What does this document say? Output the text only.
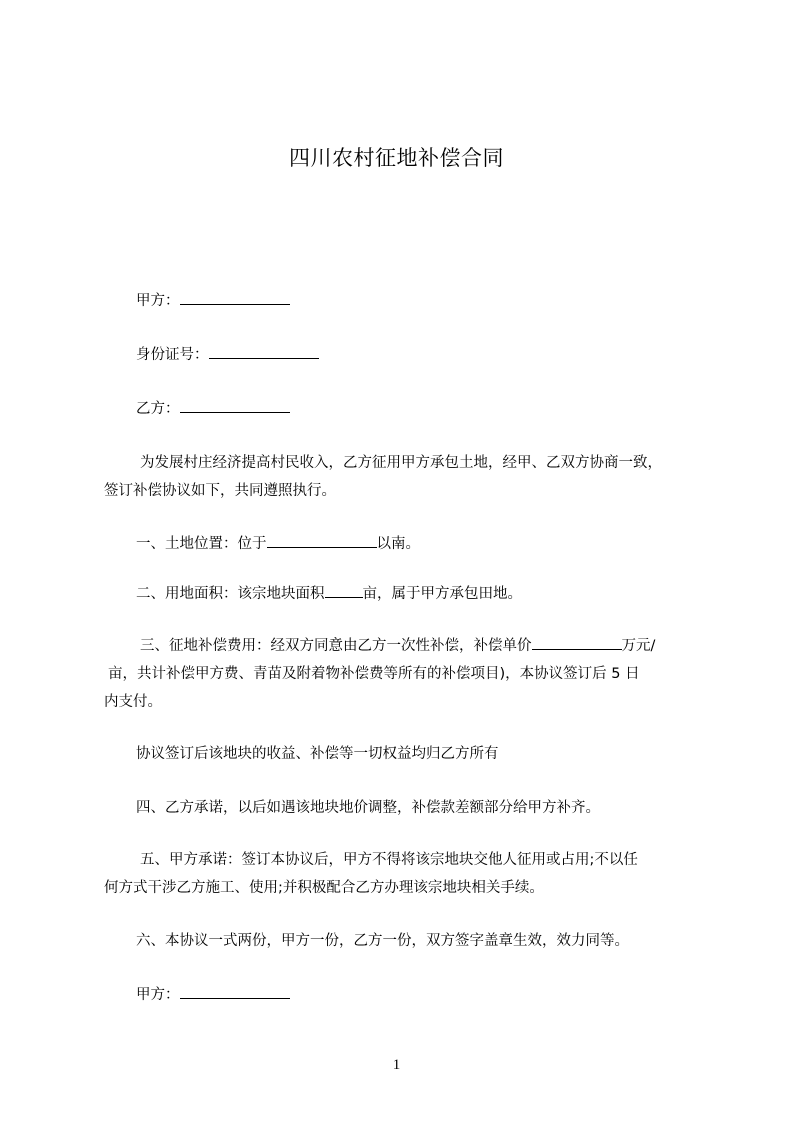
四川农村征地补偿合同
甲方：
身份证号：
乙方：
为发展村庄经济提高村民收入，乙方征用甲方承包土地，经甲、乙双方协商一致，
签订补偿协议如下，共同遵照执行。
一、土地位置：位于	以南。
二、用地面积：该宗地块面积	亩，属于甲方承包田地。
三、征地补偿费用：经双方同意由乙方一次性补偿，补偿单价	万元/
亩，共计补偿甲方费、青苗及附着物补偿费等所有的补偿项目)，本协议签订后 5 日
内支付。
协议签订后该地块的收益、补偿等一切权益均归乙方所有
四、乙方承诺，以后如遇该地块地价调整，补偿款差额部分给甲方补齐。
五、甲方承诺：签订本协议后，甲方不得将该宗地块交他人征用或占用;不以任
何方式干涉乙方施工、使用;并积极配合乙方办理该宗地块相关手续。
六、本协议一式两份，甲方一份，乙方一份，双方签字盖章生效，效力同等。
甲方：
1
